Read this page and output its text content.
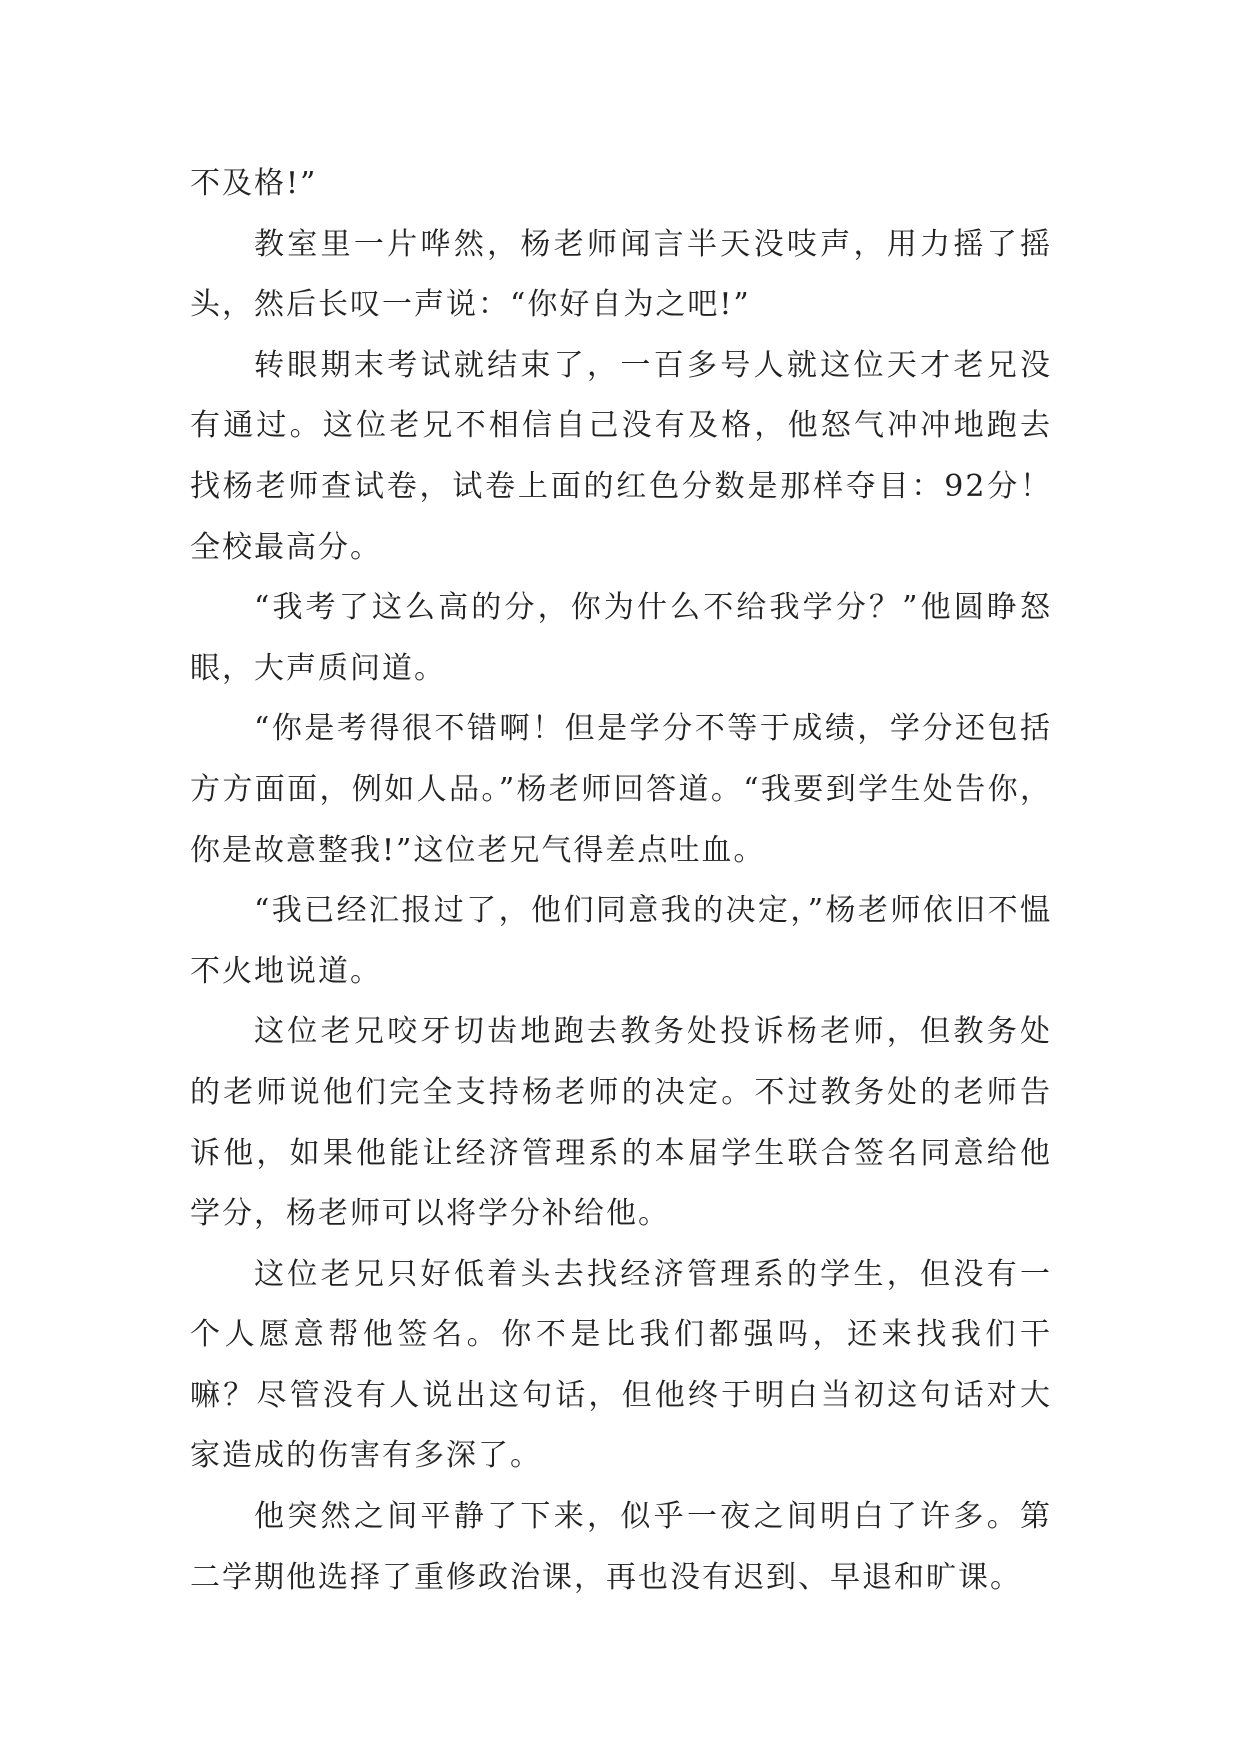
不及格!”

教室里一片哗然，杨老师闻言半天没吱声，用力摇了摇头，然后长叹一声说：“你好自为之吧!”

转眼期末考试就结束了，一百多号人就这位天才老兄没有通过。这位老兄不相信自己没有及格，他怒气冲冲地跑去找杨老师查试卷，试卷上面的红色分数是那样夺目：92分！全校最高分。

“我考了这么高的分，你为什么不给我学分？”他圆睁怒眼，大声质问道。

“你是考得很不错啊！但是学分不等于成绩，学分还包括方方面面，例如人品。”杨老师回答道。“我要到学生处告你，你是故意整我!”这位老兄气得差点吐血。

“我已经汇报过了，他们同意我的决定，”杨老师依旧不愠不火地说道。

这位老兄咬牙切齿地跑去教务处投诉杨老师，但教务处的老师说他们完全支持杨老师的决定。不过教务处的老师告诉他，如果他能让经济管理系的本届学生联合签名同意给他学分，杨老师可以将学分补给他。

这位老兄只好低着头去找经济管理系的学生，但没有一个人愿意帮他签名。你不是比我们都强吗，还来找我们干嘛？尽管没有人说出这句话，但他终于明白当初这句话对大家造成的伤害有多深了。

他突然之间平静了下来，似乎一夜之间明白了许多。第二学期他选择了重修政治课，再也没有迟到、早退和旷课。
